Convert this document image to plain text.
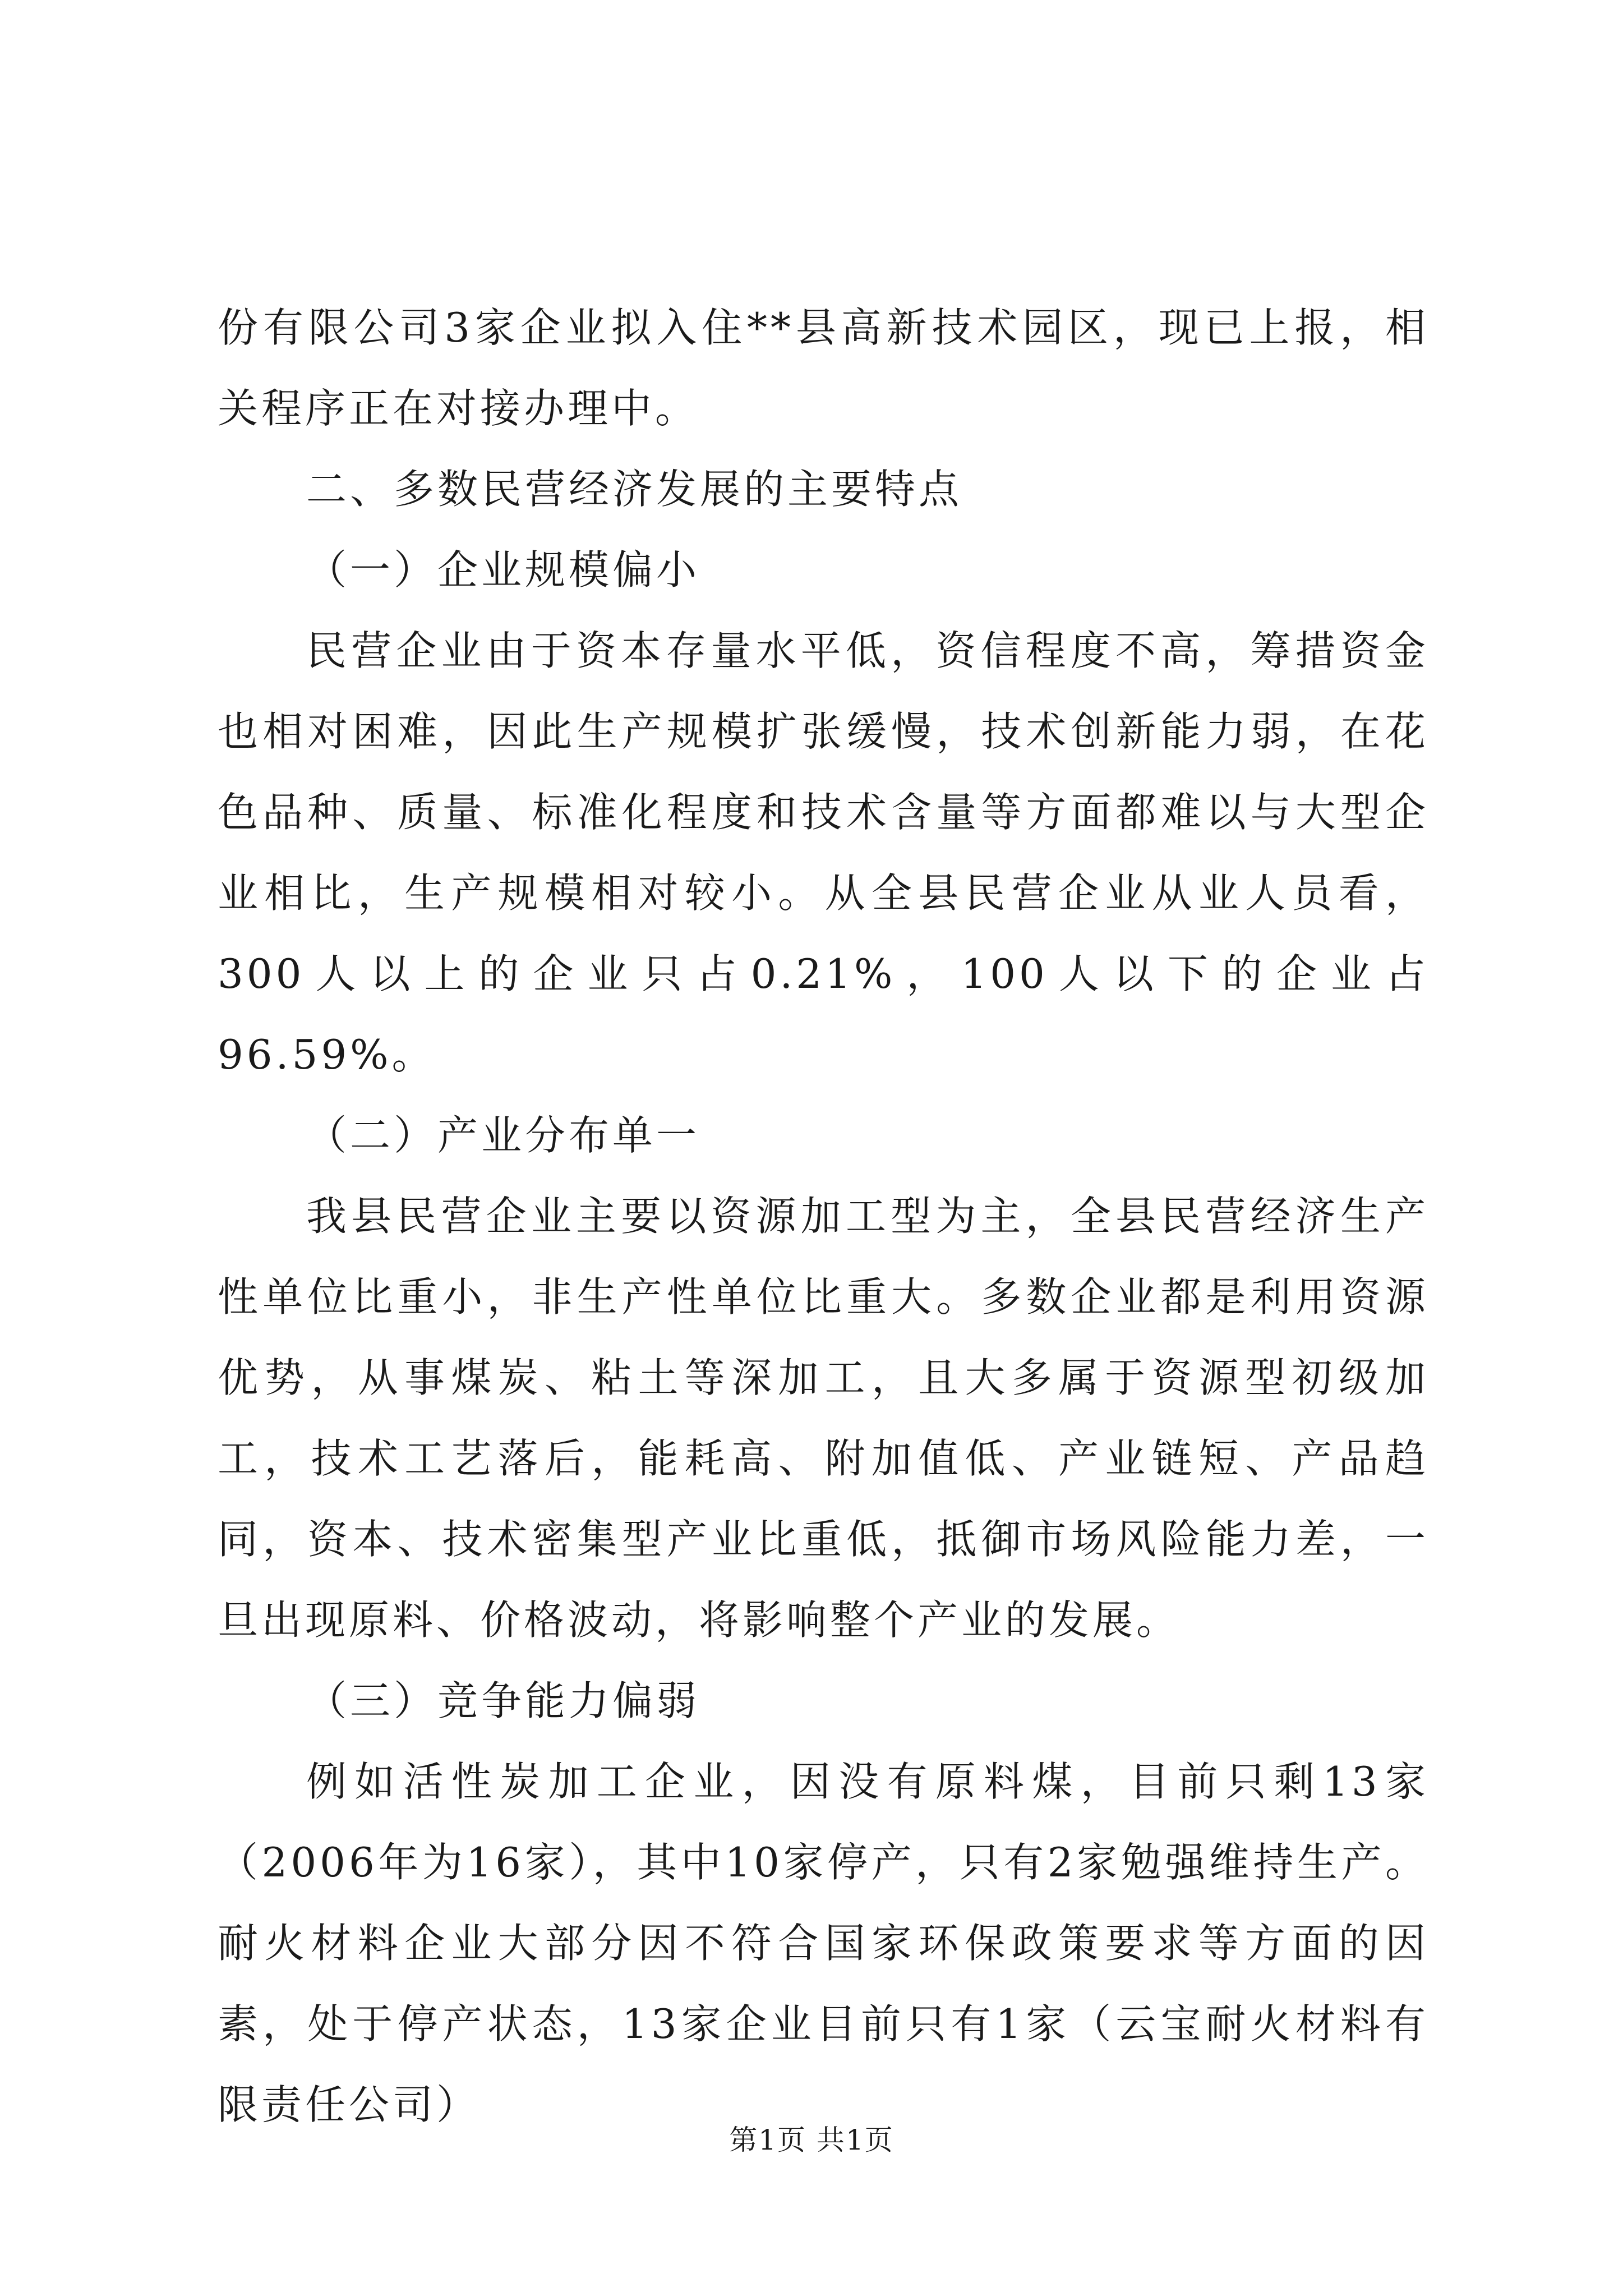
份有限公司3家企业拟入住**县高新技术园区，现已上报，相关程序正在对接办理中。

二、多数民营经济发展的主要特点

（一）企业规模偏小

民营企业由于资本存量水平低，资信程度不高，筹措资金也相对困难，因此生产规模扩张缓慢，技术创新能力弱，在花色品种、质量、标准化程度和技术含量等方面都难以与大型企业相比，生产规模相对较小。从全县民营企业从业人员看，300人以上的企业只占0.21%，100人以下的企业占96.59%。

（二）产业分布单一

我县民营企业主要以资源加工型为主，全县民营经济生产性单位比重小，非生产性单位比重大。多数企业都是利用资源优势，从事煤炭、粘土等深加工，且大多属于资源型初级加工，技术工艺落后，能耗高、附加值低、产业链短、产品趋同，资本、技术密集型产业比重低，抵御市场风险能力差，一旦出现原料、价格波动，将影响整个产业的发展。

（三）竞争能力偏弱

例如活性炭加工企业，因没有原料煤，目前只剩13家（2006年为16家），其中10家停产，只有2家勉强维持生产。耐火材料企业大部分因不符合国家环保政策要求等方面的因素，处于停产状态，13家企业目前只有1家（云宝耐火材料有限责任公司）

第1页 共1页
